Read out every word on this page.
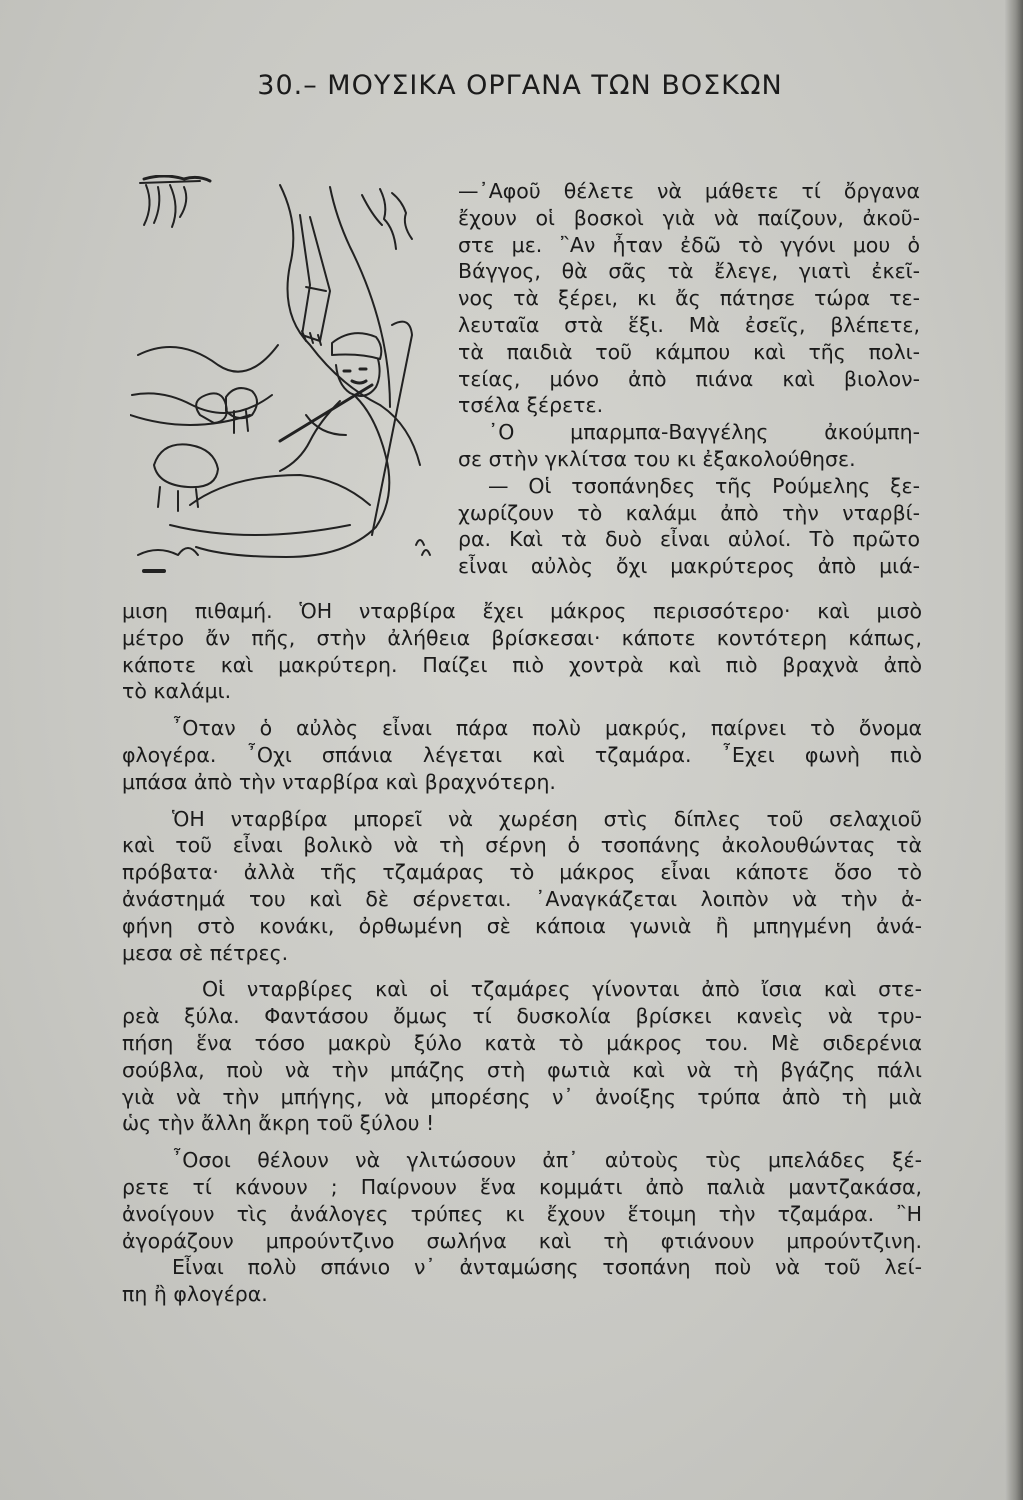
30.– ΜΟΥΣΙΚΑ ΟΡΓΑΝΑ ΤΩΝ ΒΟΣΚΩΝ

—᾿Αφοῦ θέλετε νὰ μάθετε τί ὄργανα
ἔχουν οἱ βοσκοὶ γιὰ νὰ παίζουν, ἀκοῦ-
στε με. ῍Αν ἦταν ἐδῶ τὸ γγόνι μου ὁ
Βάγγος, θὰ σᾶς τὰ ἔλεγε, γιατὶ ἐκεῖ-
νος τὰ ξέρει, κι ἄς πάτησε τώρα τε-
λευταῖα στὰ ἕξι. Μὰ ἐσεῖς, βλέπετε,
τὰ παιδιὰ τοῦ κάμπου καὶ τῆς πολι-
τείας, μόνο ἀπὸ πιάνα καὶ βιολον-
τσέλα ξέρετε.
᾿Ο μπαρμπα-Βαγγέλης ἀκούμπη-
σε στὴν γκλίτσα του κι ἐξακολούθησε.
— Οἱ τσοπάνηδες τῆς Ρούμελης ξε-
χωρίζουν τὸ καλάμι ἀπὸ τὴν νταρβί-
ρα. Καὶ τὰ δυὸ εἶναι αὐλοί. Τὸ πρῶτο
εἶναι αὐλὸς ὄχι μακρύτερος ἀπὸ μιά-

μιση πιθαμή. ὉΗ νταρβίρα ἔχει μάκρος περισσότερο· καὶ μισὸ
μέτρο ἄν πῆς, στὴν ἀλήθεια βρίσκεσαι· κάποτε κοντότερη κάπως,
κάποτε καὶ μακρύτερη. Παίζει πιὸ χοντρὰ καὶ πιὸ βραχνὰ ἀπὸ
τὸ καλάμι.

῏Οταν ὁ αὐλὸς εἶναι πάρα πολὺ μακρύς, παίρνει τὸ ὄνομα
φλογέρα. ῏Οχι σπάνια λέγεται καὶ τζαμάρα. ῏Εχει φωνὴ πιὸ
μπάσα ἀπὸ τὴν νταρβίρα καὶ βραχνότερη.

ὉΗ νταρβίρα μπορεῖ νὰ χωρέση στὶς δίπλες τοῦ σελαχιοῦ
καὶ τοῦ εἶναι βολικὸ νὰ τὴ σέρνη ὁ τσοπάνης ἀκολουθώντας τὰ
πρόβατα· ἀλλὰ τῆς τζαμάρας τὸ μάκρος εἶναι κάποτε ὅσο τὸ
ἀνάστημά του καὶ δὲ σέρνεται. ᾿Αναγκάζεται λοιπὸν νὰ τὴν ἀ-
φήνη στὸ κονάκι, ὀρθωμένη σὲ κάποια γωνιὰ ἢ μπηγμένη ἀνά-
μεσα σὲ πέτρες.

Οἱ νταρβίρες καὶ οἱ τζαμάρες γίνονται ἀπὸ ἴσια καὶ στε-
ρεὰ ξύλα. Φαντάσου ὄμως τί δυσκολία βρίσκει κανεὶς νὰ τρυ-
πήση ἕνα τόσο μακρὺ ξύλο κατὰ τὸ μάκρος του. Μὲ σιδερένια
σούβλα, ποὺ νὰ τὴν μπάζης στὴ φωτιὰ καὶ νὰ τὴ βγάζης πάλι
γιὰ νὰ τὴν μπήγης, νὰ μπορέσης ν᾿ ἀνοίξης τρύπα ἀπὸ τὴ μιὰ
ὡς τὴν ἄλλη ἄκρη τοῦ ξύλου !

῏Οσοι θέλουν νὰ γλιτώσουν ἀπ᾿ αὐτοὺς τὺς μπελάδες ξέ-
ρετε τί κάνουν ; Παίρνουν ἕνα κομμάτι ἀπὸ παλιὰ μαντζακάσα,
ἀνοίγουν τὶς ἀνάλογες τρύπες κι ἔχουν ἕτοιμη τὴν τζαμάρα. ῍Η
ἀγοράζουν μπρούντζινο σωλήνα καὶ τὴ φτιάνουν μπρούντζινη.

Εἶναι πολὺ σπάνιο ν᾿ ἀνταμώσης τσοπάνη ποὺ νὰ τοῦ λεί-
πη ἢ φλογέρα.
